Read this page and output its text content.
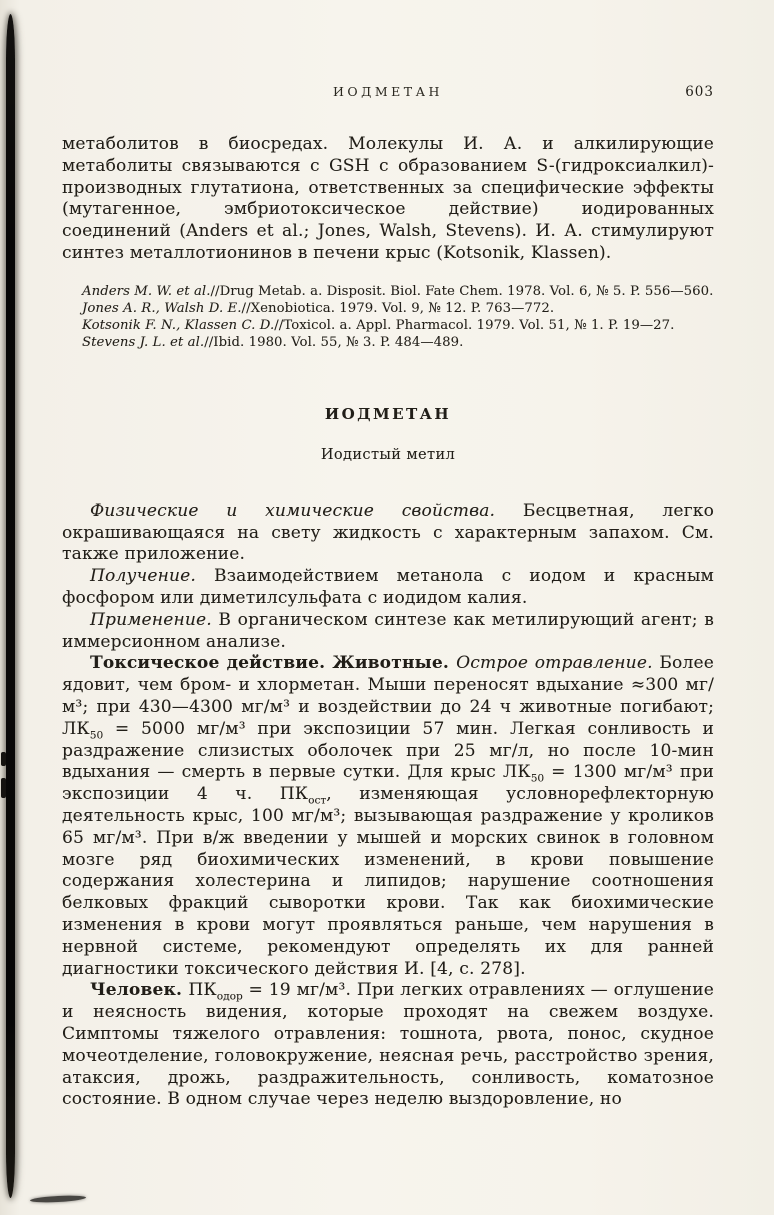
ИОДМЕТАН	603

метаболитов в биосредах. Молекулы И. А. и алкилирующие метаболиты связываются с GSH с образованием S-(гидроксиалкил)-производных глутатиона, ответственных за специфические эффекты (мутагенное, эмбриотоксическое действие) иодированных соединений (Anders et al.; Jones, Walsh, Stevens). И. А. стимулируют синтез металлотионинов в печени крыс (Kotsonik, Klassen).

Anders M. W. et al.//Drug Metab. a. Disposit. Biol. Fate Chem. 1978. Vol. 6, № 5. P. 556—560.

Jones A. R., Walsh D. E.//Xenobiotica. 1979. Vol. 9, № 12. P. 763—772.

Kotsonik F. N., Klassen C. D.//Toxicol. a. Appl. Pharmacol. 1979. Vol. 51, № 1. P. 19—27.

Stevens J. L. et al.//Ibid. 1980. Vol. 55, № 3. P. 484—489.

ИОДМЕТАН
Иодистый метил

Физические и химические свойства. Бесцветная, легко окрашивающаяся на свету жидкость с характерным запахом. См. также приложение.

Получение. Взаимодействием метанола с иодом и красным фосфором или диметилсульфата с иодидом калия.

Применение. В органическом синтезе как метилирующий агент; в иммерсионном анализе.

Токсическое действие. Животные. Острое отравление. Более ядовит, чем бром- и хлорметан. Мыши переносят вдыхание ≈300 мг/м³; при 430—4300 мг/м³ и воздействии до 24 ч животные погибают; $ЛК_{50} = 5000$ мг/м³ при экспозиции 57 мин. Легкая сонливость и раздражение слизистых оболочек при 25 мг/л, но после 10-мин вдыхания — смерть в первые сутки. Для крыс $ЛК_{50} = 1300$ мг/м³ при экспозиции 4 ч. $ПК_{ост}$, изменяющая условнорефлекторную деятельность крыс, 100 мг/м³; вызывающая раздражение у кроликов 65 мг/м³. При в/ж введении у мышей и морских свинок в головном мозге ряд биохимических изменений, в крови повышение содержания холестерина и липидов; нарушение соотношения белковых фракций сыворотки крови. Так как биохимические изменения в крови могут проявляться раньше, чем нарушения в нервной системе, рекомендуют определять их для ранней диагностики токсического действия И. [4, с. 278].

Человек. $ПК_{одор} = 19$ мг/м³. При легких отравлениях — оглушение и неясность видения, которые проходят на свежем воздухе. Симптомы тяжелого отравления: тошнота, рвота, понос, скудное мочеотделение, головокружение, неясная речь, расстройство зрения, атаксия, дрожь, раздражительность, сонливость, коматозное состояние. В одном случае через неделю выздоровление, но
